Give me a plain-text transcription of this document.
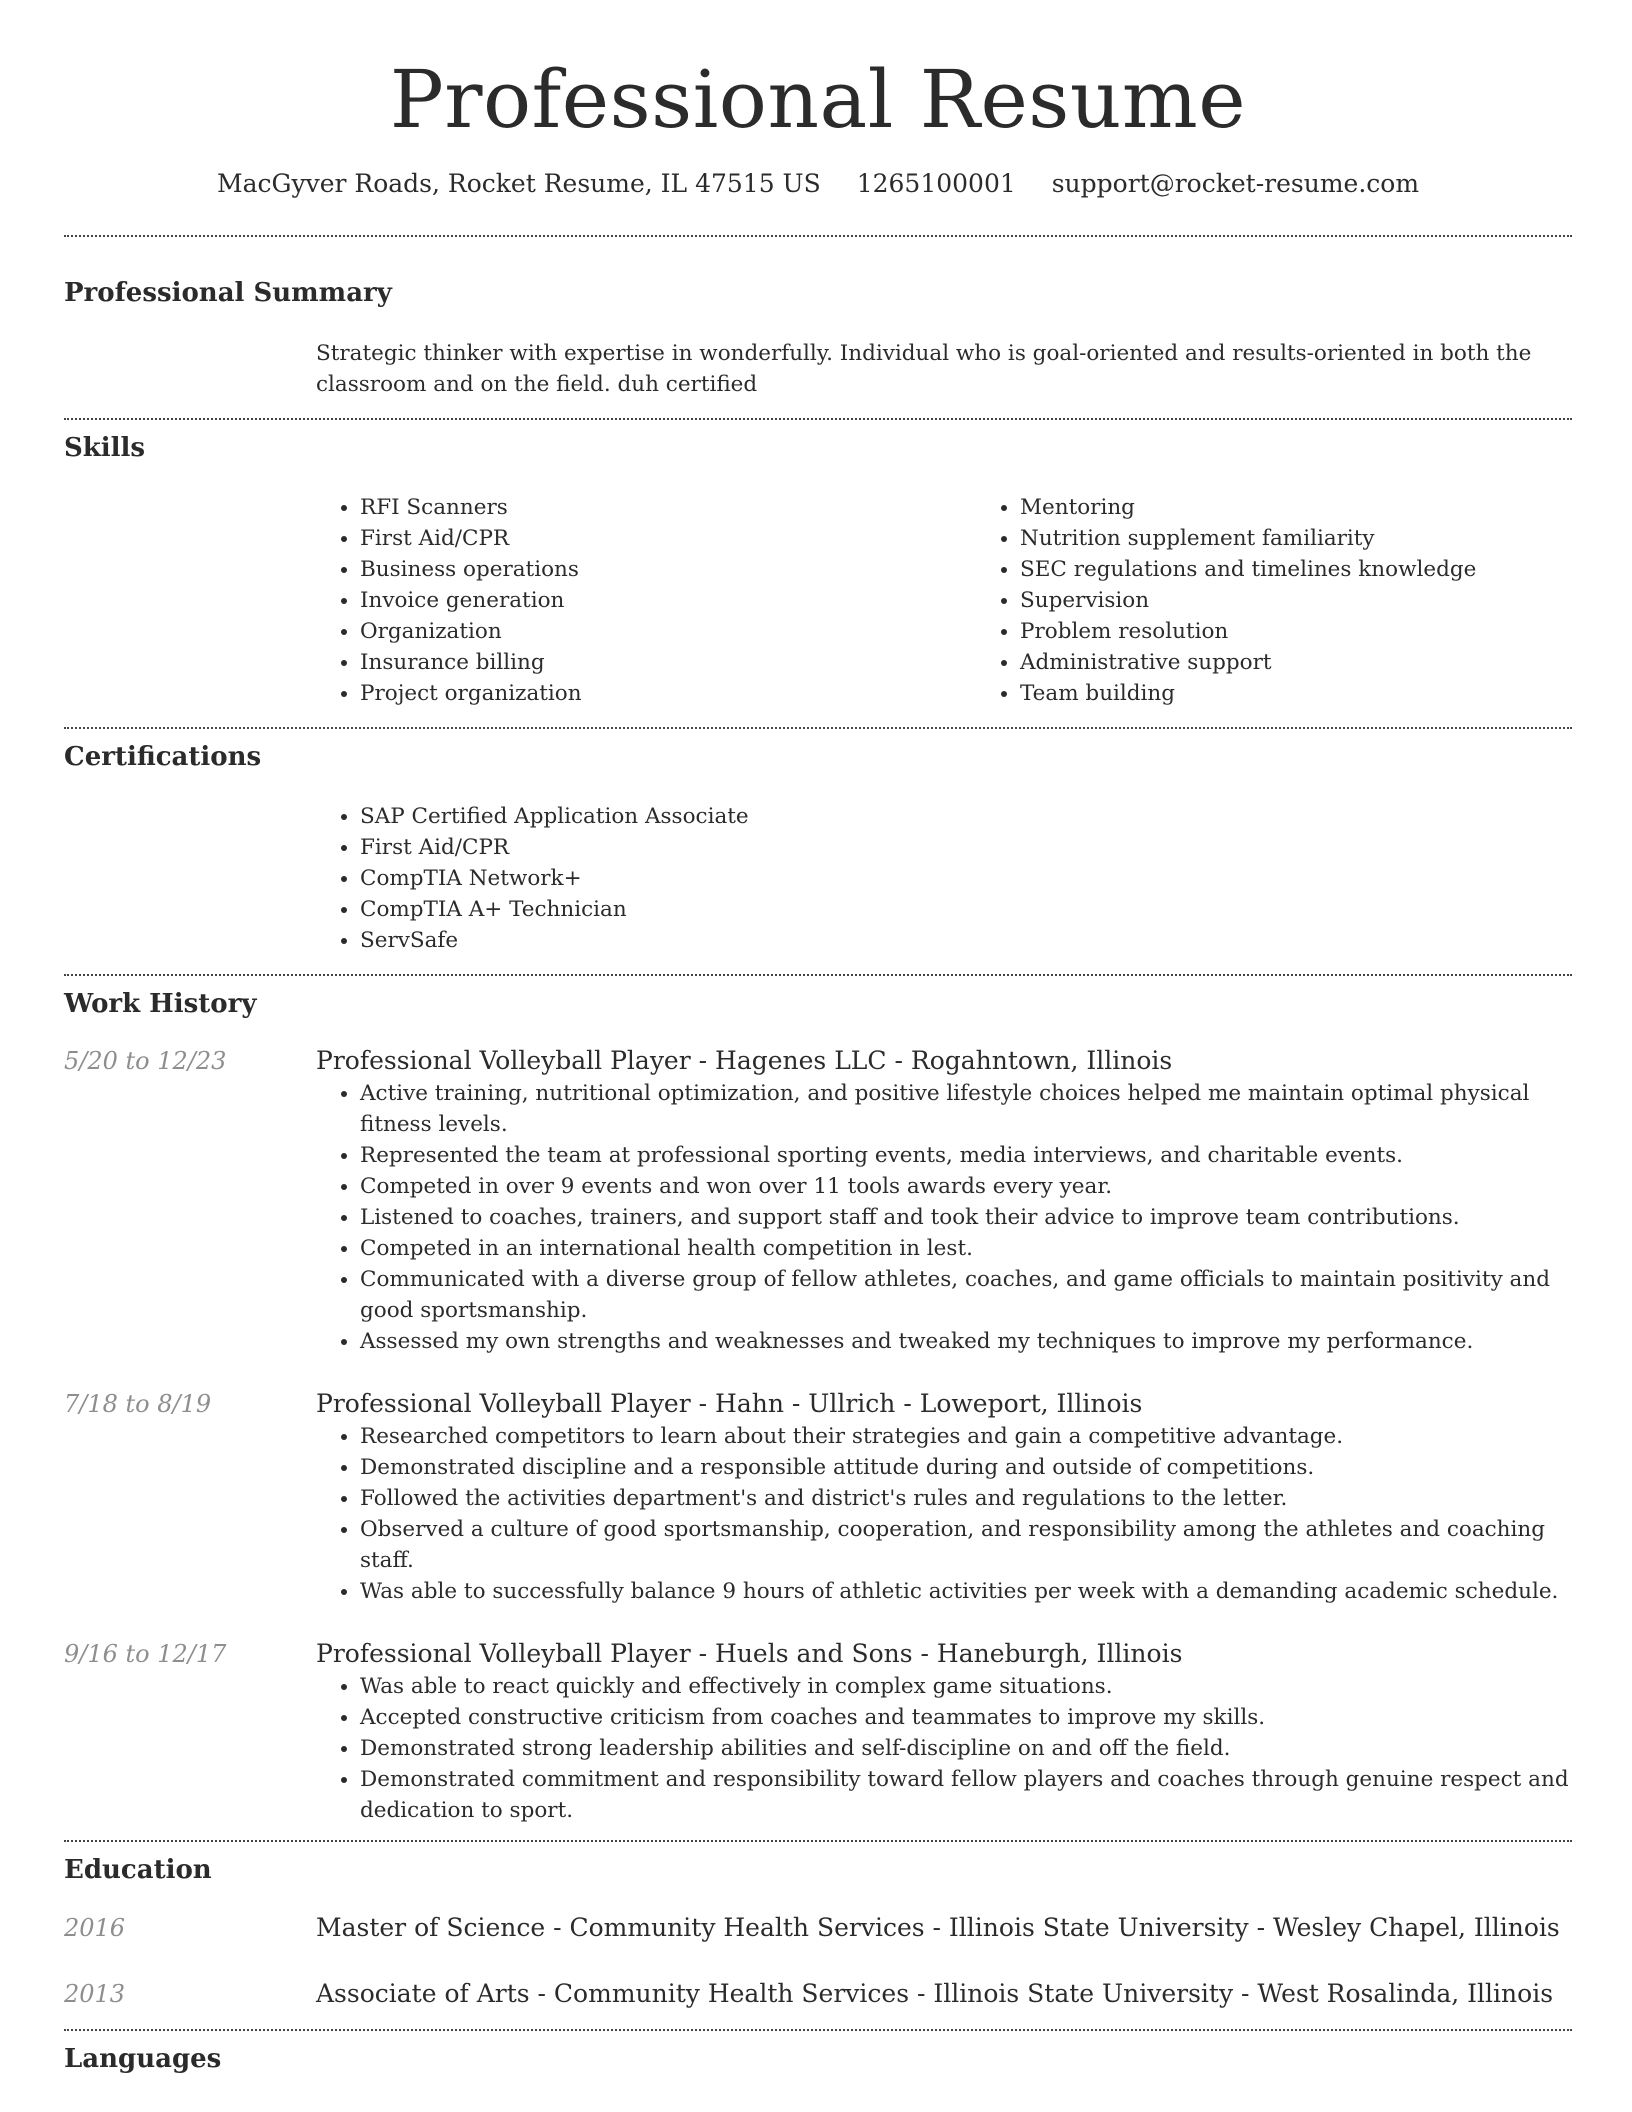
Professional Resume
MacGyver Roads, Rocket Resume, IL 47515 US 1265100001 support@rocket-resume.com
Professional Summary
Strategic thinker with expertise in wonderfully. Individual who is goal-oriented and results-oriented in both the classroom and on the field. duh certified
Skills
• RFI Scanners
• First Aid/CPR
• Business operations
• Invoice generation
• Organization
• Insurance billing
• Project organization
• Mentoring
• Nutrition supplement familiarity
• SEC regulations and timelines knowledge
• Supervision
• Problem resolution
• Administrative support
• Team building
Certifications
• SAP Certified Application Associate
• First Aid/CPR
• CompTIA Network+
• CompTIA A+ Technician
• ServSafe
Work History
5/20 to 12/23	Professional Volleyball Player - Hagenes LLC - Rogahntown, Illinois
• Active training, nutritional optimization, and positive lifestyle choices helped me maintain optimal physical fitness levels.
• Represented the team at professional sporting events, media interviews, and charitable events.
• Competed in over 9 events and won over 11 tools awards every year.
• Listened to coaches, trainers, and support staff and took their advice to improve team contributions.
• Competed in an international health competition in lest.
• Communicated with a diverse group of fellow athletes, coaches, and game officials to maintain positivity and good sportsmanship.
• Assessed my own strengths and weaknesses and tweaked my techniques to improve my performance.
7/18 to 8/19	Professional Volleyball Player - Hahn - Ullrich - Loweport, Illinois
• Researched competitors to learn about their strategies and gain a competitive advantage.
• Demonstrated discipline and a responsible attitude during and outside of competitions.
• Followed the activities department's and district's rules and regulations to the letter.
• Observed a culture of good sportsmanship, cooperation, and responsibility among the athletes and coaching staff.
• Was able to successfully balance 9 hours of athletic activities per week with a demanding academic schedule.
9/16 to 12/17	Professional Volleyball Player - Huels and Sons - Haneburgh, Illinois
• Was able to react quickly and effectively in complex game situations.
• Accepted constructive criticism from coaches and teammates to improve my skills.
• Demonstrated strong leadership abilities and self-discipline on and off the field.
• Demonstrated commitment and responsibility toward fellow players and coaches through genuine respect and dedication to sport.
Education
2016	Master of Science - Community Health Services - Illinois State University - Wesley Chapel, Illinois
2013	Associate of Arts - Community Health Services - Illinois State University - West Rosalinda, Illinois
Languages
